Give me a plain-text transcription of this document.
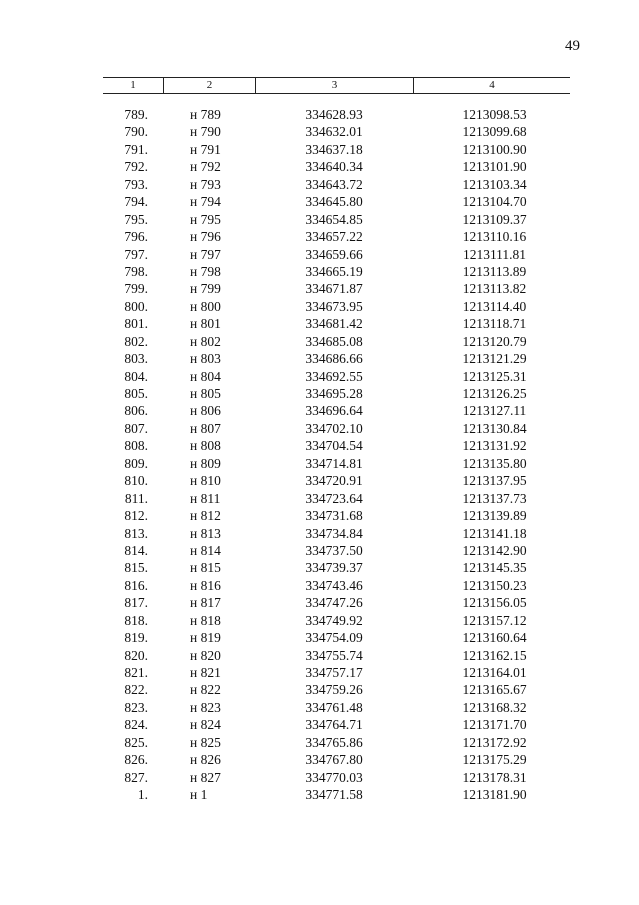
49
1	2	3	4
789.	н 789	334628.93	1213098.53
790.	н 790	334632.01	1213099.68
791.	н 791	334637.18	1213100.90
792.	н 792	334640.34	1213101.90
793.	н 793	334643.72	1213103.34
794.	н 794	334645.80	1213104.70
795.	н 795	334654.85	1213109.37
796.	н 796	334657.22	1213110.16
797.	н 797	334659.66	1213111.81
798.	н 798	334665.19	1213113.89
799.	н 799	334671.87	1213113.82
800.	н 800	334673.95	1213114.40
801.	н 801	334681.42	1213118.71
802.	н 802	334685.08	1213120.79
803.	н 803	334686.66	1213121.29
804.	н 804	334692.55	1213125.31
805.	н 805	334695.28	1213126.25
806.	н 806	334696.64	1213127.11
807.	н 807	334702.10	1213130.84
808.	н 808	334704.54	1213131.92
809.	н 809	334714.81	1213135.80
810.	н 810	334720.91	1213137.95
811.	н 811	334723.64	1213137.73
812.	н 812	334731.68	1213139.89
813.	н 813	334734.84	1213141.18
814.	н 814	334737.50	1213142.90
815.	н 815	334739.37	1213145.35
816.	н 816	334743.46	1213150.23
817.	н 817	334747.26	1213156.05
818.	н 818	334749.92	1213157.12
819.	н 819	334754.09	1213160.64
820.	н 820	334755.74	1213162.15
821.	н 821	334757.17	1213164.01
822.	н 822	334759.26	1213165.67
823.	н 823	334761.48	1213168.32
824.	н 824	334764.71	1213171.70
825.	н 825	334765.86	1213172.92
826.	н 826	334767.80	1213175.29
827.	н 827	334770.03	1213178.31
1.	н 1	334771.58	1213181.90
